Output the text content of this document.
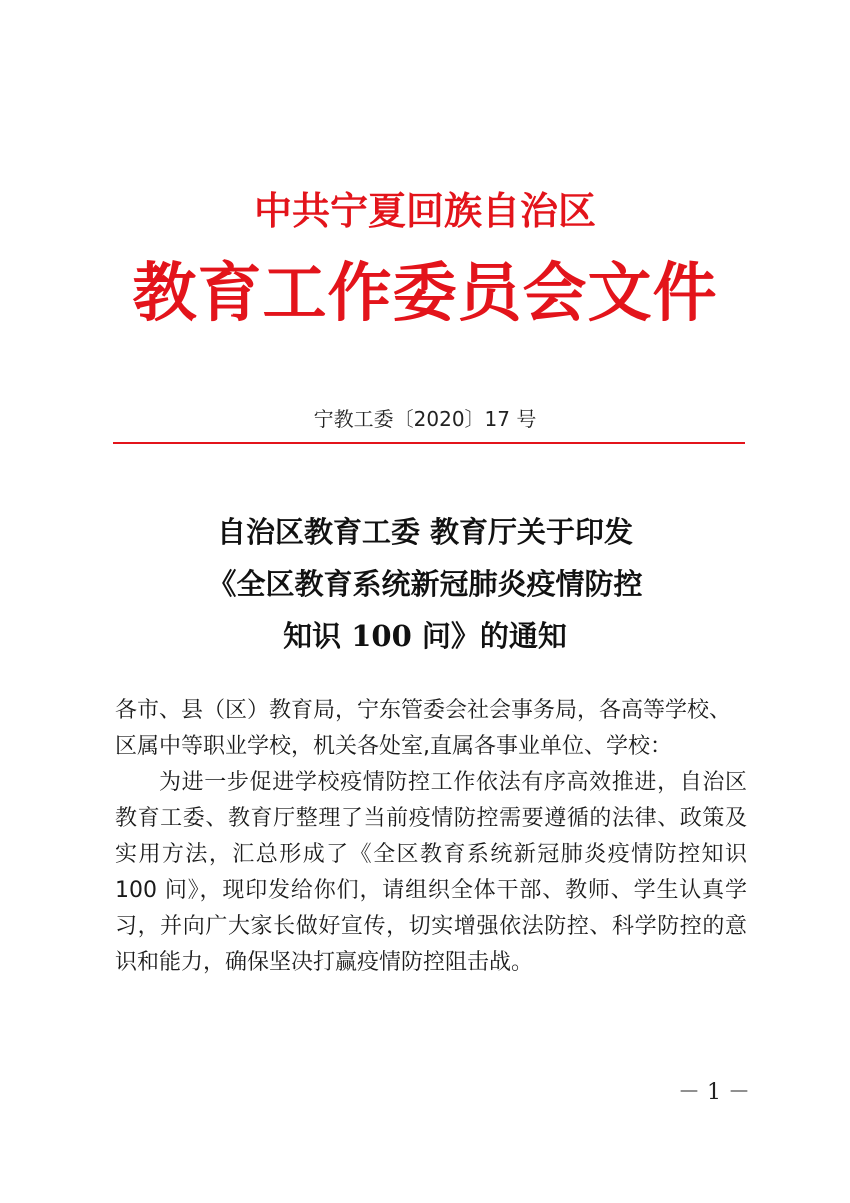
中共宁夏回族自治区
教育工作委员会文件
宁教工委〔2020〕17 号
自治区教育工委 教育厅关于印发
《全区教育系统新冠肺炎疫情防控
知识 100 问》的通知

各市、县（区）教育局，宁东管委会社会事务局，各高等学校、

区属中等职业学校，机关各处室,直属各事业单位、学校：

为进一步促进学校疫情防控工作依法有序高效推进，自治区教育工委、教育厅整理了当前疫情防控需要遵循的法律、政策及实用方法，汇总形成了《全区教育系统新冠肺炎疫情防控知识100 问》，现印发给你们，请组织全体干部、教师、学生认真学习，并向广大家长做好宣传，切实增强依法防控、科学防控的意识和能力，确保坚决打赢疫情防控阻击战。

－ 1 －
